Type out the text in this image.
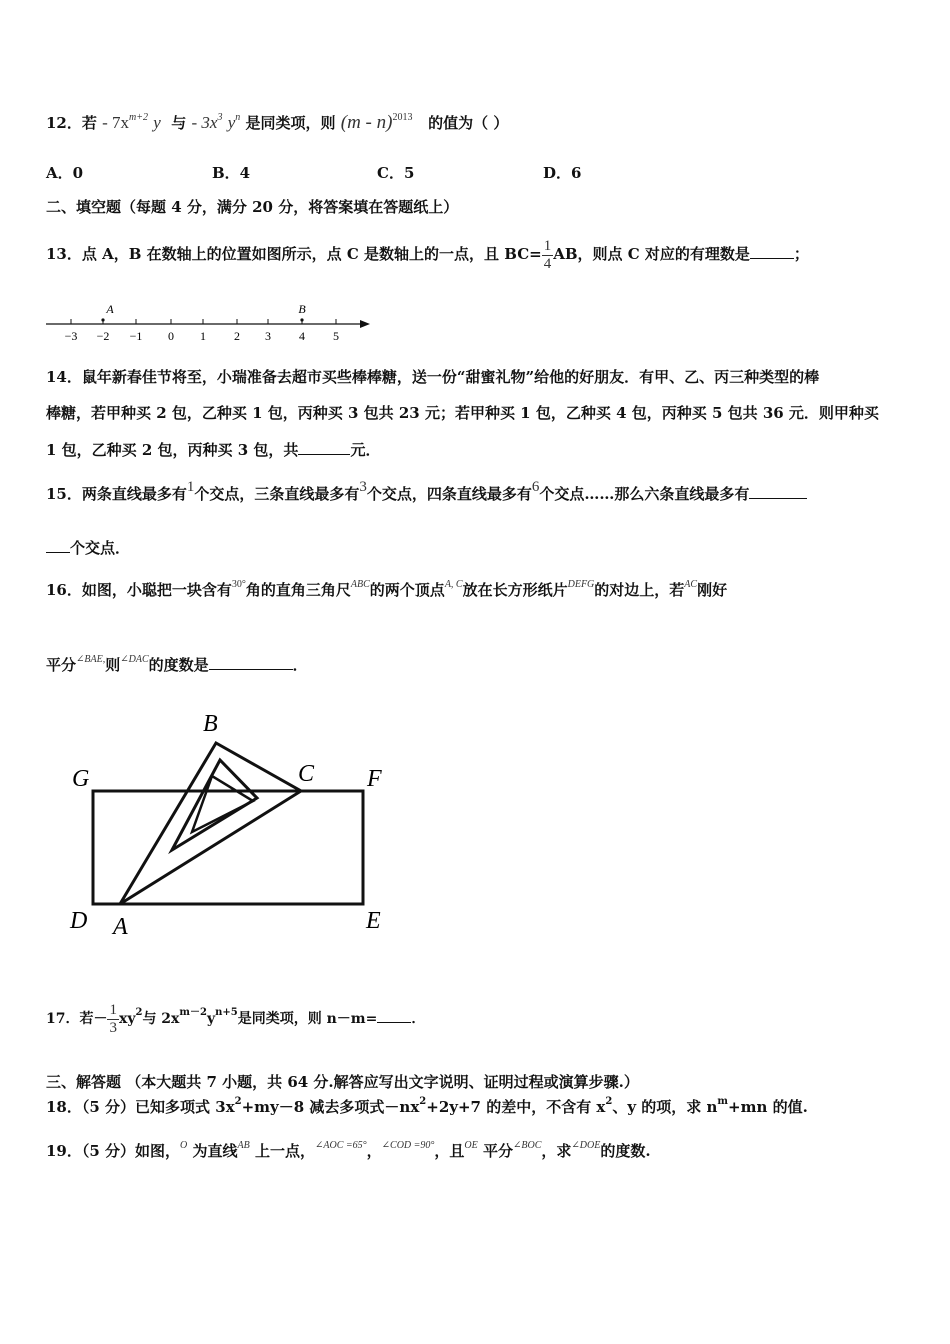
12．若 - $7x^{m+2}$ y 与 - $3x^3$ $y^n$ 是同类项，则 (m - n)$^{2013}$ 的值为（ ）
A．0	B．4	C．5	D．6
二、填空题（每题 4 分，满分 20 分，将答案填在答题纸上）
13．点 A，B 在数轴上的位置如图所示，点 C 是数轴上的一点，且 $BC= \frac{1}{4}$ AB，则点 C 对应的有理数是	；
−3 −2 −1 0 1 2 3 4 5
A	B
14．鼠年新春佳节将至，小瑞准备去超市买些棒棒糖，送一份“甜蜜礼物”给他的好朋友．有甲、乙、丙三种类型的棒
棒糖，若甲种买 2 包，乙种买 1 包，丙种买 3 包共 23 元；若甲种买 1 包，乙种买 4 包，丙种买 5 包共 36 元．则甲种买
1 包，乙种买 2 包，丙种买 3 包，共	元．
15．两条直线最多有1个交点，三条直线最多有3个交点，四条直线最多有6个交点……那么六条直线最多有
个交点．
16．如图，小聪把一块含有$^{30^\circ}$角的直角三角尺$^{ABC}$的两个顶点$^{A, C}$放在长方形纸片$^{DEFG}$的对边上，若$^{AC}$刚好
平分$^{\angle BAE,}$则$^{\angle DAC}$的度数是	．
B
G	C F
D A	E
17．若－ $\frac{1}{3} xy^2$与 $2x^{m-2}y^{n+5}$是同类项，则 n－m= ．
三、解答题 （本大题共 7 小题，共 64 分.解答应写出文字说明、证明过程或演算步骤.）
18．（5 分）已知多项式 $3x^2+my-8$ 减去多项式$-nx^2+2y+7$ 的差中，不含有 $x^2$、y 的项，求 $n^m+mn$ 的值.
19．（5 分）如图，$^O$ 为直线$^{AB}$ 上一点，$^{\angle AOC =65^\circ}$，$^{\angle COD =90^\circ}$，且$^{OE}$ 平分$^{\angle BOC}$，求$^{\angle DOE}$的度数.
